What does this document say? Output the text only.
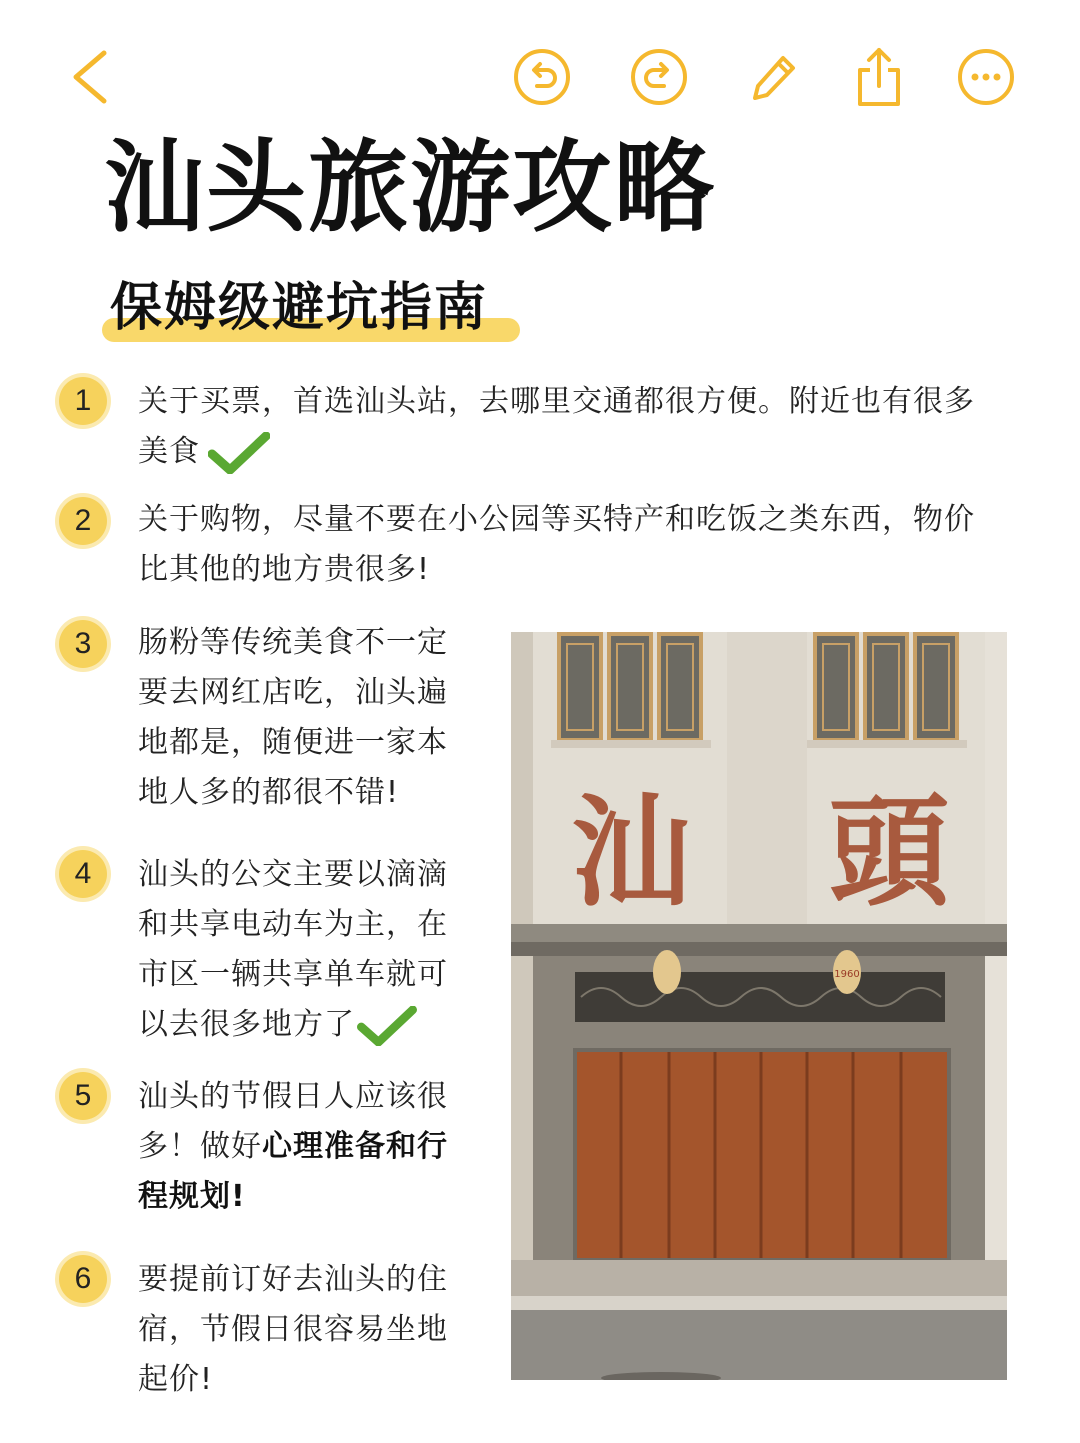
汕头旅游攻略
保姆级避坑指南
1	关于买票，首选汕头站，去哪里交通都很方便。附近也有很多
美食
2	关于购物，尽量不要在小公园等买特产和吃饭之类东西，物价
比其他的地方贵很多!
3	肠粉等传统美食不一定
要去网红店吃，汕头遍
地都是，随便进一家本
地人多的都很不错!
4	汕头的公交主要以滴滴
和共享电动车为主，在
市区一辆共享单车就可
以去很多地方了
5	汕头的节假日人应该很
多！做好心理准备和行
程规划!
6	要提前订好去汕头的住
宿，节假日很容易坐地
起价!
汕 頭
1960
